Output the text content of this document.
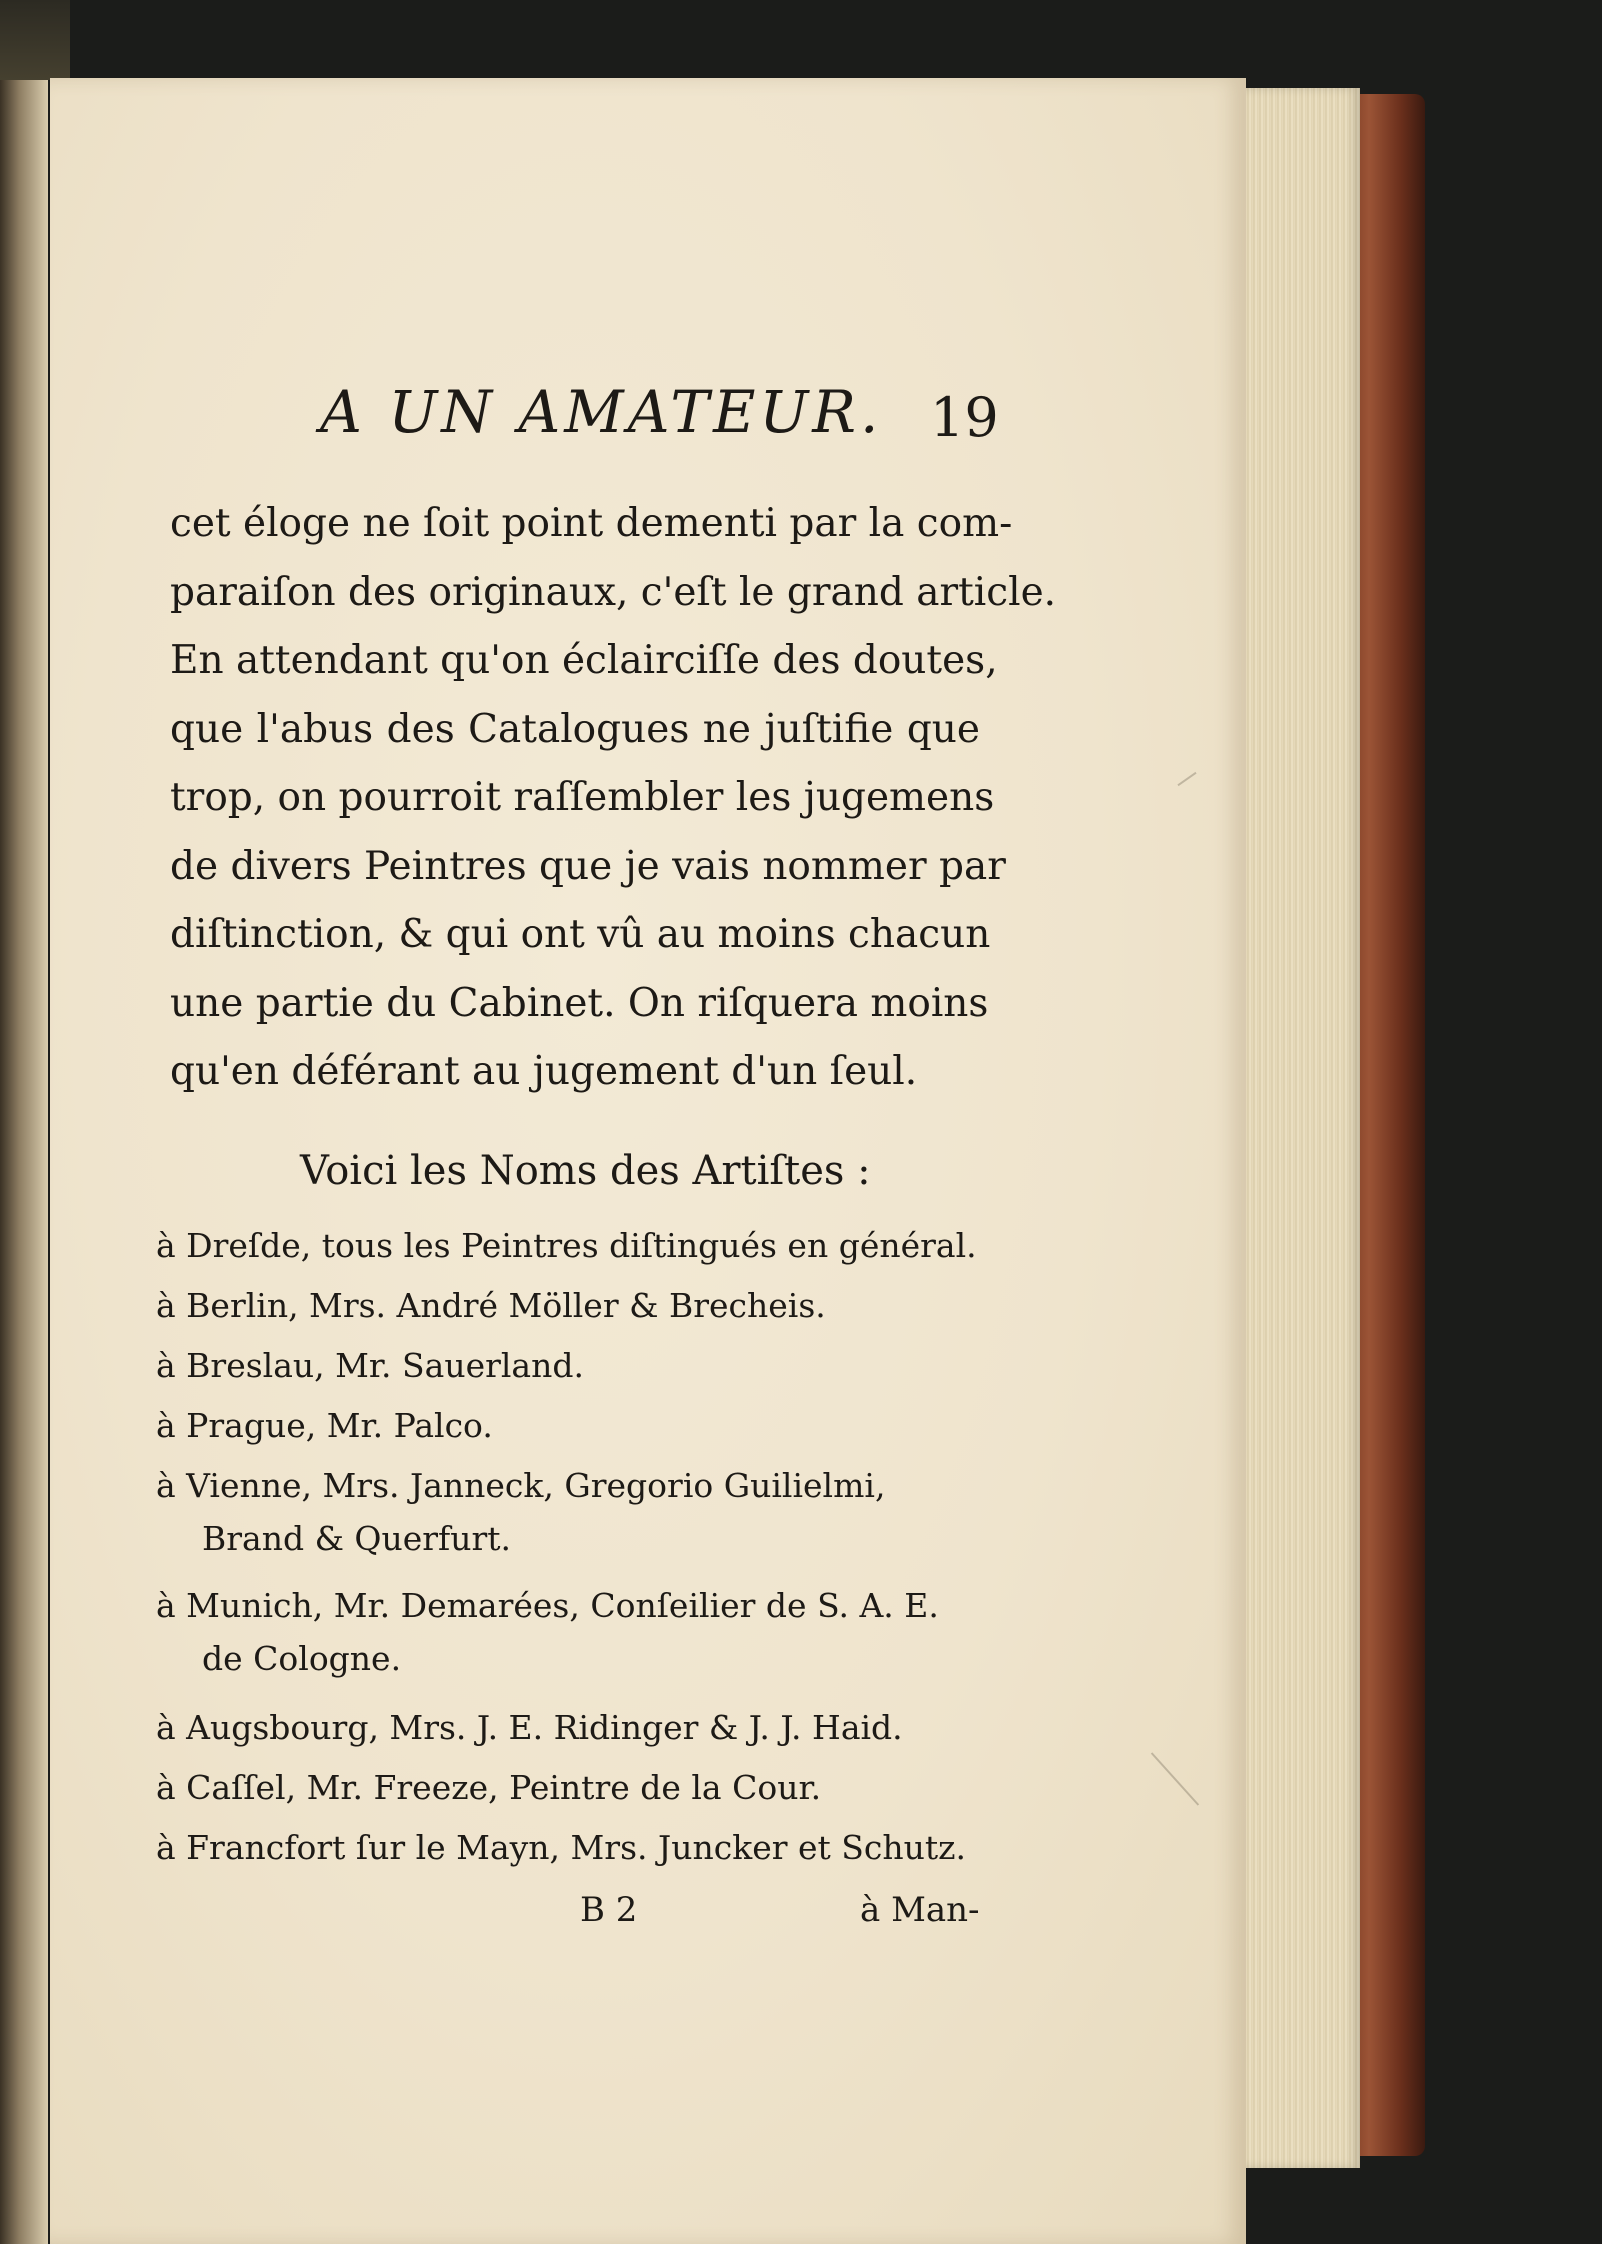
A UN AMATEUR. 19
cet éloge ne ſoit point dementi par la com-
paraiſon des originaux, c'eſt le grand article.
En attendant qu'on éclairciſſe des doutes,
que l'abus des Catalogues ne juſtifie que
trop, on pourroit raſſembler les jugemens
de divers Peintres que je vais nommer par
diſtinction, & qui ont vû au moins chacun
une partie du Cabinet. On riſquera moins
qu'en déférant au jugement d'un ſeul.
Voici les Noms des Artiſtes :
à Dreſde, tous les Peintres diſtingués en général.
à Berlin, Mrs. André Möller & Brecheis.
à Breslau, Mr. Sauerland.
à Prague, Mr. Palco.
à Vienne, Mrs. Janneck, Gregorio Guilielmi,
Brand & Querfurt.
à Munich, Mr. Demarées, Conſeilier de S. A. E.
de Cologne.
à Augsbourg, Mrs. J. E. Ridinger & J. J. Haid.
à Caſſel, Mr. Freeze, Peintre de la Cour.
à Francfort ſur le Mayn, Mrs. Juncker et Schutz.
B 2	à Man-
